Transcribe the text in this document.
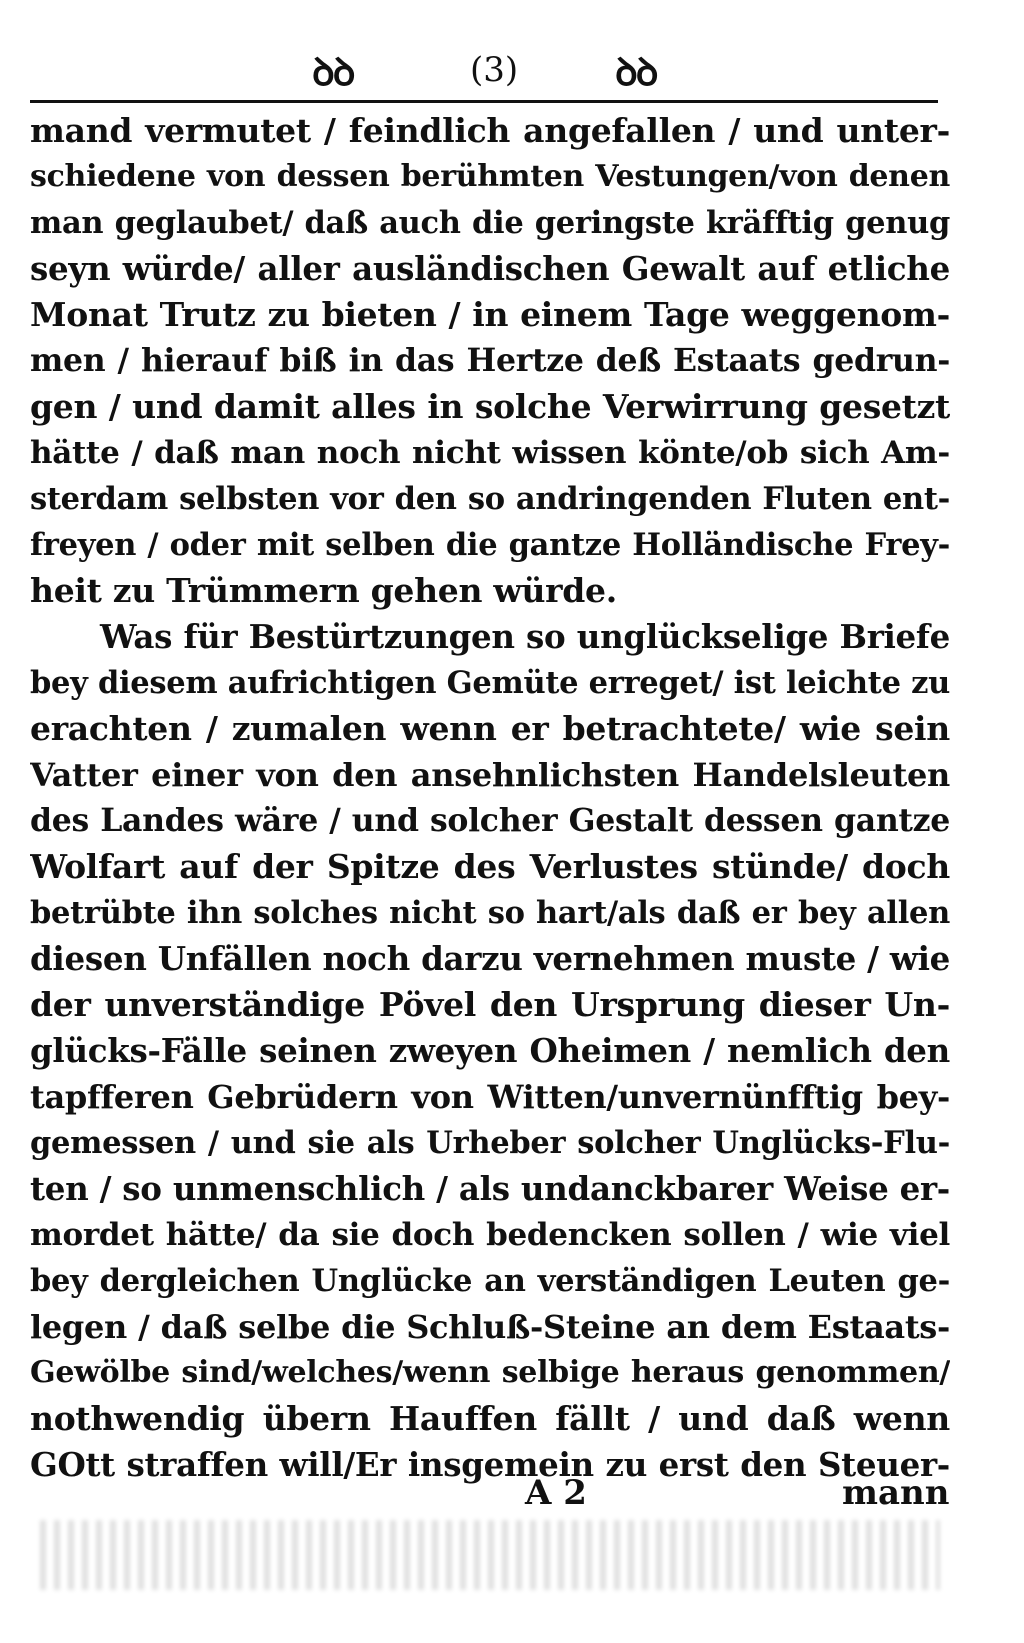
ꝺꝺ	(3)	ꝺꝺ
mand vermutet / feindlich angefallen / und unter-
schiedene von dessen berühmten Vestungen/von denen
man geglaubet/ daß auch die geringste kräfftig genug
seyn würde/ aller ausländischen Gewalt auf etliche
Monat Trutz zu bieten / in einem Tage weggenom-
men / hierauf biß in das Hertze deß Estaats gedrun-
gen / und damit alles in solche Verwirrung gesetzt
hätte / daß man noch nicht wissen könte/ob sich Am-
sterdam selbsten vor den so andringenden Fluten ent-
freyen / oder mit selben die gantze Holländische Frey-
heit zu Trümmern gehen würde.
Was für Bestürtzungen so unglückselige Briefe
bey diesem aufrichtigen Gemüte erreget/ ist leichte zu
erachten / zumalen wenn er betrachtete/ wie sein
Vatter einer von den ansehnlichsten Handelsleuten
des Landes wäre / und solcher Gestalt dessen gantze
Wolfart auf der Spitze des Verlustes stünde/ doch
betrübte ihn solches nicht so hart/als daß er bey allen
diesen Unfällen noch darzu vernehmen muste / wie
der unverständige Pövel den Ursprung dieser Un-
glücks-Fälle seinen zweyen Oheimen / nemlich den
tapfferen Gebrüdern von Witten/unvernünfftig bey-
gemessen / und sie als Urheber solcher Unglücks-Flu-
ten / so unmenschlich / als undanckbarer Weise er-
mordet hätte/ da sie doch bedencken sollen / wie viel
bey dergleichen Unglücke an verständigen Leuten ge-
legen / daß selbe die Schluß-Steine an dem Estaats-
Gewölbe sind/welches/wenn selbige heraus genommen/
nothwendig übern Hauffen fällt / und daß wenn
GOtt straffen will/Er insgemein zu erst den Steuer-
A 2	mann
